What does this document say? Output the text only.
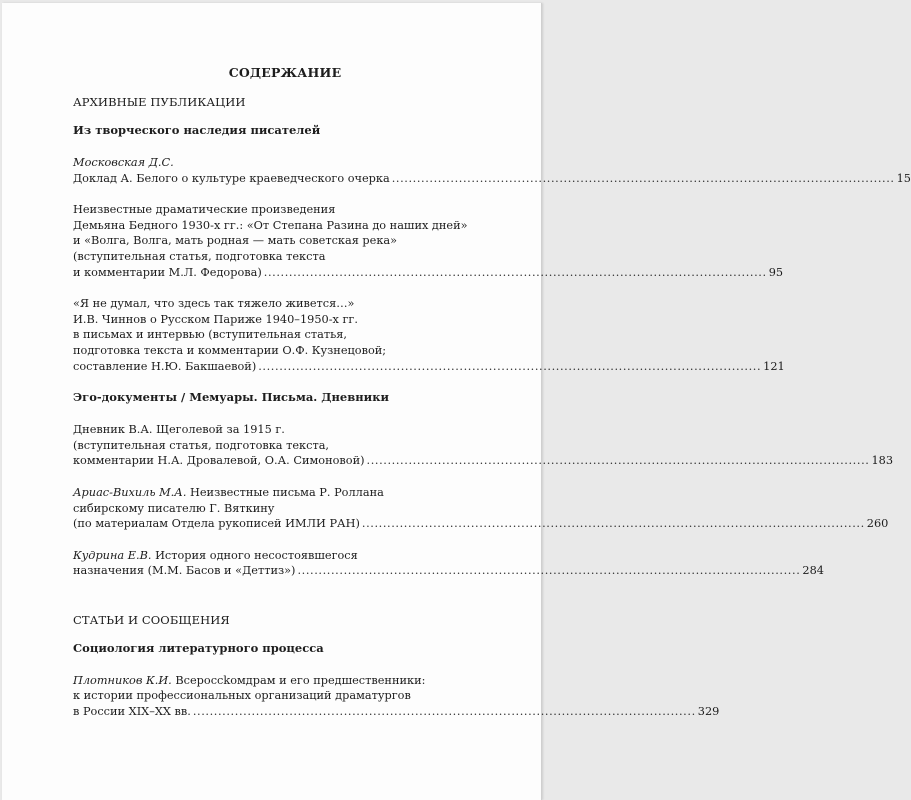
СОДЕРЖАНИЕ
АРХИВНЫЕ ПУБЛИКАЦИИ
Из творческого наследия писателей
Московская Д.С.
Доклад А. Белого о культуре краеведческого очерка ........................................................................................................................ 15
Неизвестные драматические произведения
Демьяна Бедного 1930-х гг.: «От Степана Разина до наших дней»
и «Волга, Волга, мать родная — мать советская река»
(вступительная статья, подготовка текста
и комментарии М.Л. Федорова) ........................................................................................................................ 95
«Я не думал, что здесь так тяжело живется…»
И.В. Чиннов о Русском Париже 1940–1950-х гг.
в письмах и интервью (вступительная статья,
подготовка текста и комментарии О.Ф. Кузнецовой;
составление Н.Ю. Бакшаевой) ........................................................................................................................ 121
Эго-документы / Мемуары. Письма. Дневники
Дневник В.А. Щеголевой за 1915 г.
(вступительная статья, подготовка текста,
комментарии Н.А. Дровалевой, О.А. Симоновой) ........................................................................................................................ 183
Ариас-Вихиль М.А. Неизвестные письма Р. Роллана
сибирскому писателю Г. Вяткину
(по материалам Отдела рукописей ИМЛИ РАН) ........................................................................................................................ 260
Кудрина Е.В. История одного несостоявшегося
назначения (М.М. Басов и «Деттиз») ........................................................................................................................ 284
СТАТЬИ И СООБЩЕНИЯ
Социология литературного процесса
Плотников К.И. Всероссkомдрам и его предшественники:
к истории профессиональных организаций драматургов
в России XIX–XX вв. ........................................................................................................................ 329
